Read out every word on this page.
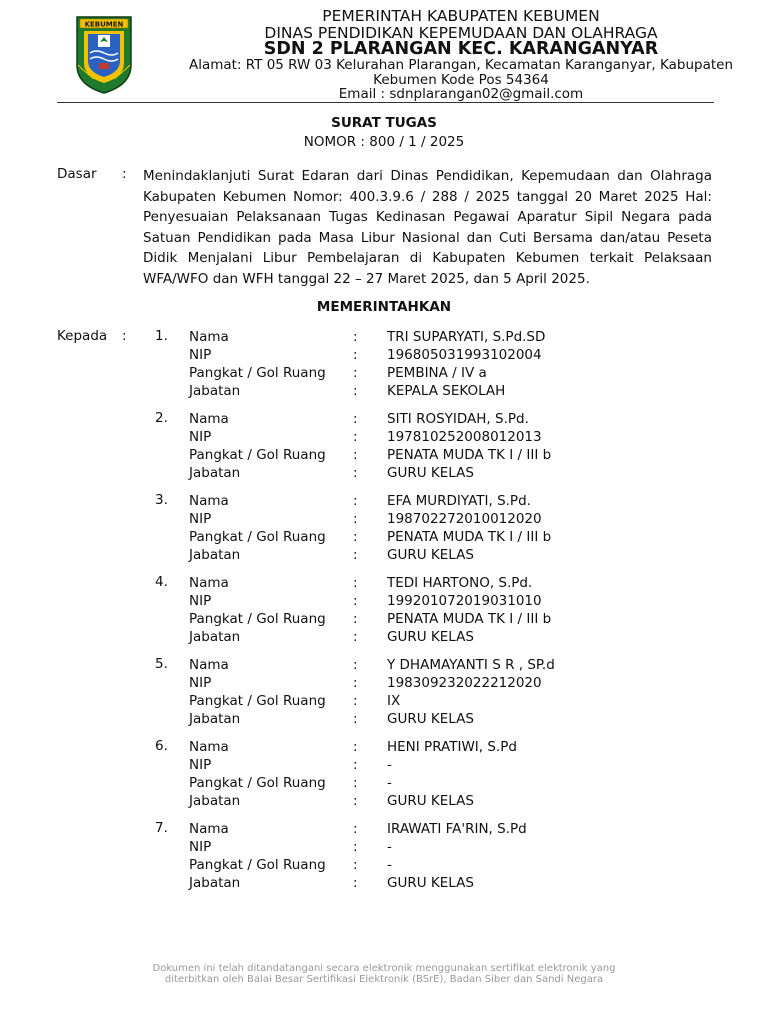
KEBUMEN	PEMERINTAH KABUPATEN KEBUMEN
DINAS PENDIDIKAN KEPEMUDAAN DAN OLAHRAGA
SDN 2 PLARANGAN KEC. KARANGANYAR
Alamat: RT 05 RW 03 Kelurahan Plarangan, Kecamatan Karanganyar, Kabupaten Kebumen Kode Pos 54364
Email : sdnplarangan02@gmail.com
SURAT TUGAS
NOMOR : 800 / 1 / 2025
Dasar : Menindaklanjuti Surat Edaran dari Dinas Pendidikan, Kepemudaan dan Olahraga Kabupaten Kebumen Nomor: 400.3.9.6 / 288 / 2025 tanggal 20 Maret 2025 Hal: Penyesuaian Pelaksanaan Tugas Kedinasan Pegawai Aparatur Sipil Negara pada Satuan Pendidikan pada Masa Libur Nasional dan Cuti Bersama dan/atau Peseta Didik Menjalani Libur Pembelajaran di Kabupaten Kebumen terkait Pelaksaan WFA/WFO dan WFH tanggal 22 – 27 Maret 2025, dan 5 April 2025.
MEMERINTAHKAN
Kepada : 1. Nama	: TRI SUPARYATI, S.Pd.SD
NIP	: 196805031993102004
Pangkat / Gol Ruang : PEMBINA / IV a
Jabatan	: KEPALA SEKOLAH
2. Nama	: SITI ROSYIDAH, S.Pd.
NIP	: 197810252008012013
Pangkat / Gol Ruang : PENATA MUDA TK I / III b
Jabatan	: GURU KELAS
3. Nama	: EFA MURDIYATI, S.Pd.
NIP	: 198702272010012020
Pangkat / Gol Ruang : PENATA MUDA TK I / III b
Jabatan	: GURU KELAS
4. Nama	: TEDI HARTONO, S.Pd.
NIP	: 199201072019031010
Pangkat / Gol Ruang : PENATA MUDA TK I / III b
Jabatan	: GURU KELAS
5. Nama	: Y DHAMAYANTI S R , SP.d
NIP	: 198309232022212020
Pangkat / Gol Ruang : IX
Jabatan	: GURU KELAS
6. Nama	: HENI PRATIWI, S.Pd
NIP	: -
Pangkat / Gol Ruang : -
Jabatan	: GURU KELAS
7. Nama	: IRAWATI FA'RIN, S.Pd
NIP	: -
Pangkat / Gol Ruang : -
Jabatan	: GURU KELAS
Dokumen ini telah ditandatangani secara elektronik menggunakan sertifikat elektronik yang
diterbitkan oleh Balai Besar Sertifikasi Elektronik (BSrE), Badan Siber dan Sandi Negara
